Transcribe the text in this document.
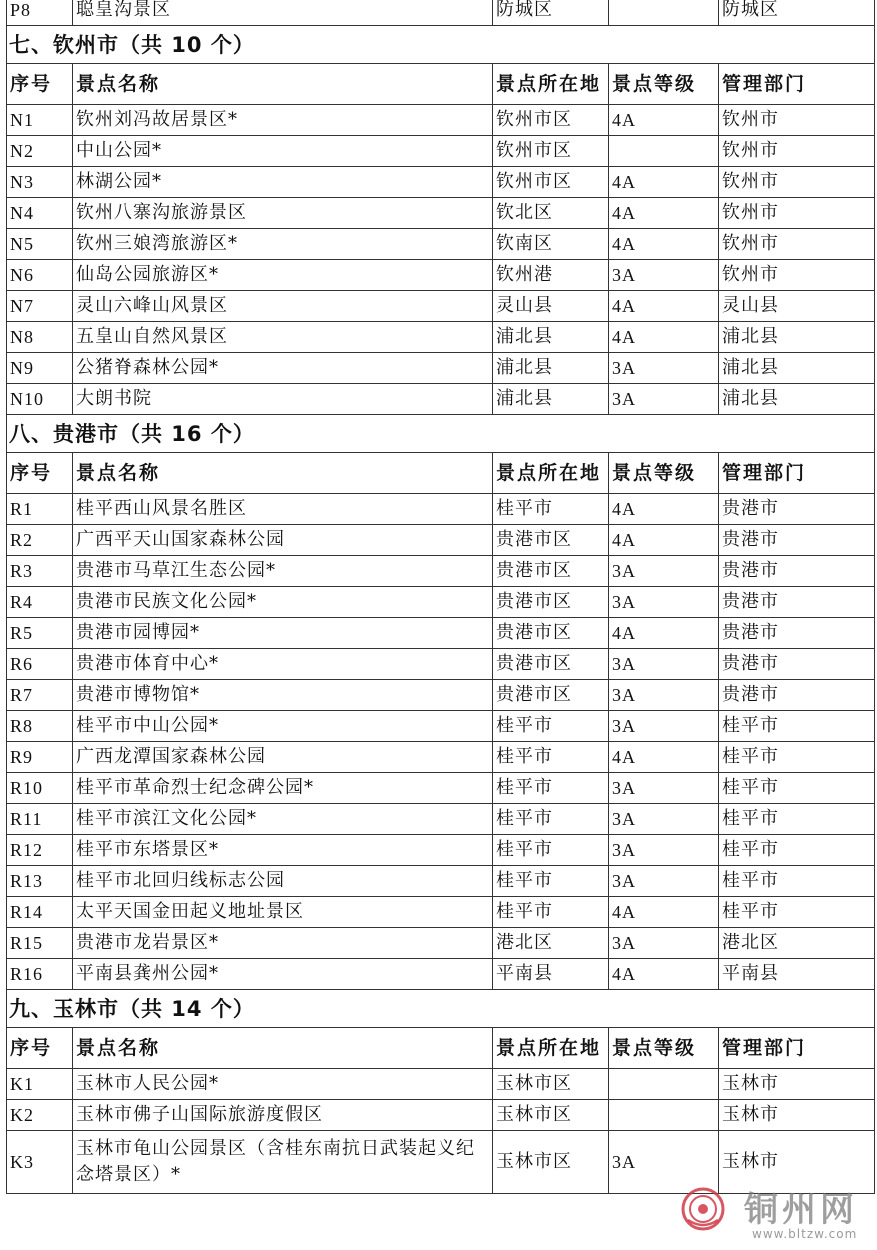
P8	聪皇沟景区	防城区		防城区
七、钦州市（共 10 个）				
序号	景点名称	景点所在地	景点等级	管理部门
N1	钦州刘冯故居景区*	钦州市区	4A	钦州市
N2	中山公园*	钦州市区		钦州市
N3	林湖公园*	钦州市区	4A	钦州市
N4	钦州八寨沟旅游景区	钦北区	4A	钦州市
N5	钦州三娘湾旅游区*	钦南区	4A	钦州市
N6	仙岛公园旅游区*	钦州港	3A	钦州市
N7	灵山六峰山风景区	灵山县	4A	灵山县
N8	五皇山自然风景区	浦北县	4A	浦北县
N9	公猪脊森林公园*	浦北县	3A	浦北县
N10	大朗书院	浦北县	3A	浦北县
八、贵港市（共 16 个）				
序号	景点名称	景点所在地	景点等级	管理部门
R1	桂平西山风景名胜区	桂平市	4A	贵港市
R2	广西平天山国家森林公园	贵港市区	4A	贵港市
R3	贵港市马草江生态公园*	贵港市区	3A	贵港市
R4	贵港市民族文化公园*	贵港市区	3A	贵港市
R5	贵港市园博园*	贵港市区	4A	贵港市
R6	贵港市体育中心*	贵港市区	3A	贵港市
R7	贵港市博物馆*	贵港市区	3A	贵港市
R8	桂平市中山公园*	桂平市	3A	桂平市
R9	广西龙潭国家森林公园	桂平市	4A	桂平市
R10	桂平市革命烈士纪念碑公园*	桂平市	3A	桂平市
R11	桂平市滨江文化公园*	桂平市	3A	桂平市
R12	桂平市东塔景区*	桂平市	3A	桂平市
R13	桂平市北回归线标志公园	桂平市	3A	桂平市
R14	太平天国金田起义地址景区	桂平市	4A	桂平市
R15	贵港市龙岩景区*	港北区	3A	港北区
R16	平南县龚州公园*	平南县	4A	平南县
九、玉林市（共 14 个）				
序号	景点名称	景点所在地	景点等级	管理部门
K1	玉林市人民公园*	玉林市区		玉林市
K2	玉林市佛子山国际旅游度假区	玉林市区		玉林市
K3	玉林市龟山公园景区（含桂东南抗日武装起义纪念塔景区）*	玉林市区	3A	玉林市
铜州网
www.bltzw.com
